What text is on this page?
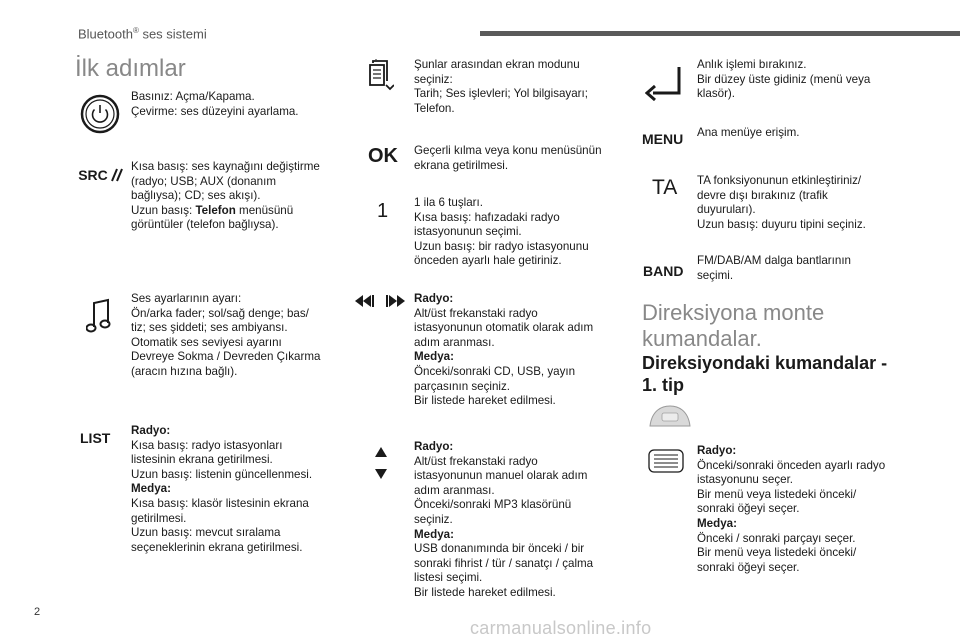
Bluetooth® ses sistemi
İlk adımlar
Basınız: Açma/Kapama.
Çevirme: ses düzeyini ayarlama.
SRC
Kısa basış: ses kaynağını değiştirme
(radyo; USB; AUX (donanım
bağlıysa); CD; ses akışı).
Uzun basış: Telefon menüsünü
görüntüler (telefon bağlıysa).
Ses ayarlarının ayarı:
Ön/arka fader; sol/sağ denge; bas/
tiz; ses şiddeti; ses ambiyansı.
Otomatik ses seviyesi ayarını
Devreye Sokma / Devreden Çıkarma
(aracın hızına bağlı).
LIST Radyo:
Kısa basış: radyo istasyonları
listesinin ekrana getirilmesi.
Uzun basış: listenin güncellenmesi.
Medya:
Kısa basış: klasör listesinin ekrana
getirilmesi.
Uzun basış: mevcut sıralama
seçeneklerinin ekrana getirilmesi.
Şunlar arasından ekran modunu
seçiniz:
Tarih; Ses işlevleri; Yol bilgisayarı;
Telefon.
OK Geçerli kılma veya konu menüsünün
ekrana getirilmesi.
1 1 ila 6 tuşları.
Kısa basış: hafızadaki radyo
istasyonunun seçimi.
Uzun basış: bir radyo istasyonunu
önceden ayarlı hale getiriniz.
Radyo:
Alt/üst frekanstaki radyo
istasyonunun otomatik olarak adım
adım aranması.
Medya:
Önceki/sonraki CD, USB, yayın
parçasının seçiniz.
Bir listede hareket edilmesi.
Radyo:
Alt/üst frekanstaki radyo
istasyonunun manuel olarak adım
adım aranması.
Önceki/sonraki MP3 klasörünü
seçiniz.
Medya:
USB donanımında bir önceki / bir
sonraki fihrist / tür / sanatçı / çalma
listesi seçimi.
Bir listede hareket edilmesi.
Anlık işlemi bırakınız.
Bir düzey üste gidiniz (menü veya
klasör).
MENU Ana menüye erişim.
TA TA fonksiyonunun etkinleştiriniz/
devre dışı bırakınız (trafik
duyuruları).
Uzun basış: duyuru tipini seçiniz.
BAND
FM/DAB/AM dalga bantlarının
seçimi.
Direksiyona monte
kumandalar.
Direksiyondaki kumandalar -
1. tip
Radyo:
Önceki/sonraki önceden ayarlı radyo
istasyonunu seçer.
Bir menü veya listedeki önceki/
sonraki öğeyi seçer.
Medya:
Önceki / sonraki parçayı seçer.
Bir menü veya listedeki önceki/
sonraki öğeyi seçer.
2
carmanualsonline.info
